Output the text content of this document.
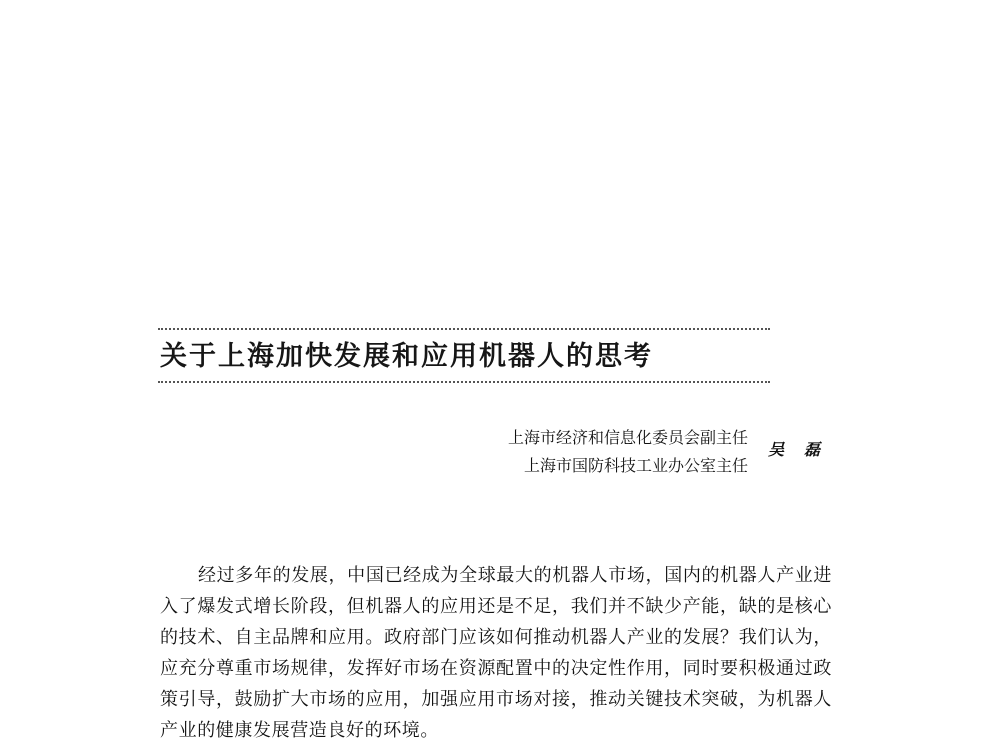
关于上海加快发展和应用机器人的思考
上海市经济和信息化委员会副主任
上海市国防科技工业办公室主任
吴磊

经过多年的发展，中国已经成为全球最大的机器人市场，国内的机器人产业进入了爆发式增长阶段，但机器人的应用还是不足，我们并不缺少产能，缺的是核心的技术、自主品牌和应用。政府部门应该如何推动机器人产业的发展？我们认为，应充分尊重市场规律，发挥好市场在资源配置中的决定性作用，同时要积极通过政策引导，鼓励扩大市场的应用，加强应用市场对接，推动关键技术突破，为机器人产业的健康发展营造良好的环境。
